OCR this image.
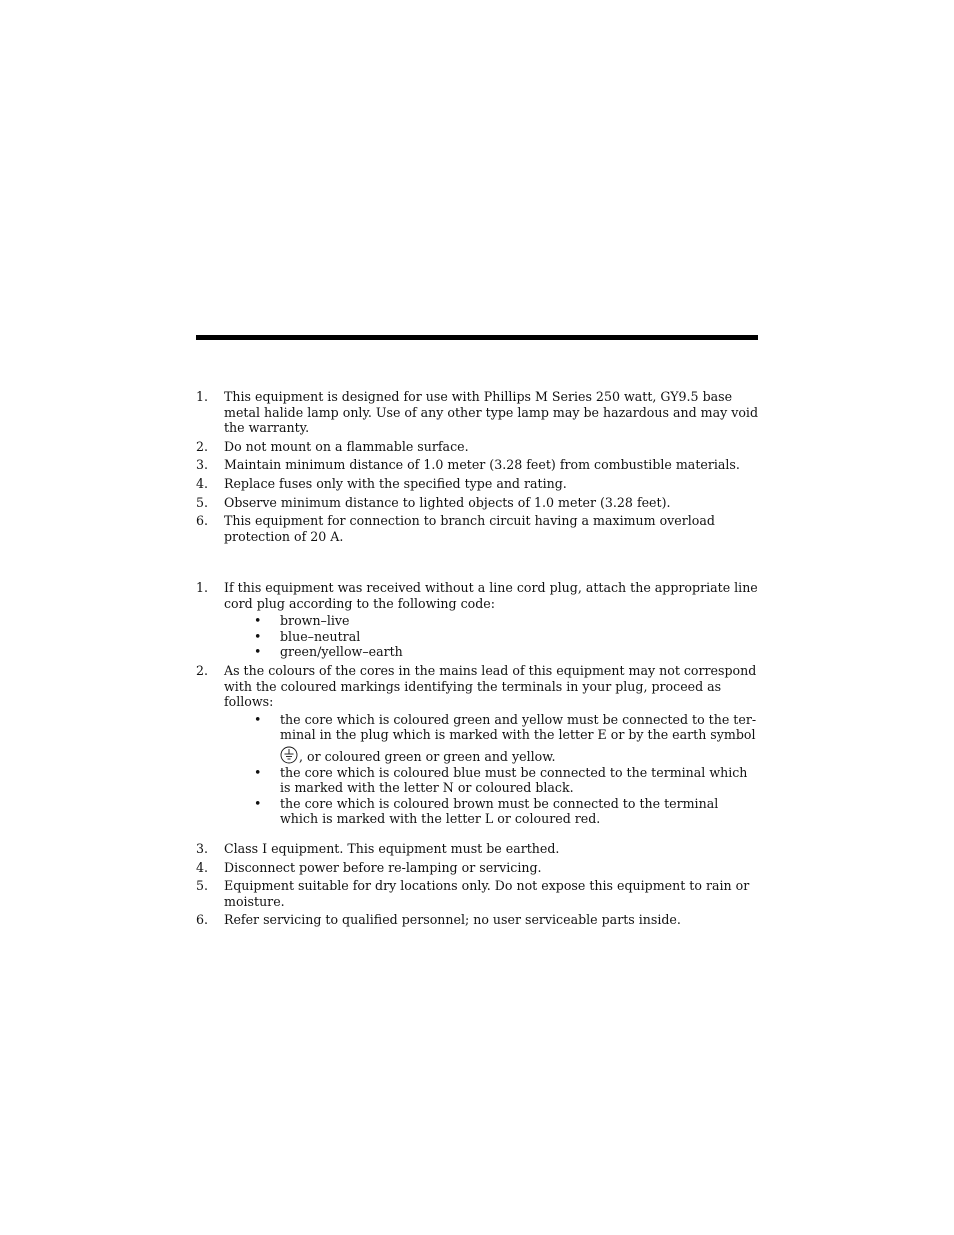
1. This equipment is designed for use with Phillips M Series 250 watt, GY9.5 base metal halide lamp only. Use of any other type lamp may be hazardous and may void the warranty.
2. Do not mount on a flammable surface.
3. Maintain minimum distance of 1.0 meter (3.28 feet) from combustible materials.
4. Replace fuses only with the specified type and rating.
5. Observe minimum distance to lighted objects of 1.0 meter (3.28 feet).
6. This equipment for connection to branch circuit having a maximum overload protection of 20 A.
1. If this equipment was received without a line cord plug, attach the appropriate line cord plug according to the following code:
• brown–live
• blue–neutral
• green/yellow–earth
2. As the colours of the cores in the mains lead of this equipment may not correspond with the coloured markings identifying the terminals in your plug, proceed as follows:
• the core which is coloured green and yellow must be connected to the ter-
minal in the plug which is marked with the letter E or by the earth symbol
, or coloured green or green and yellow.
• the core which is coloured blue must be connected to the terminal which is marked with the letter N or coloured black.
• the core which is coloured brown must be connected to the terminal which is marked with the letter L or coloured red.
3. Class I equipment. This equipment must be earthed.
4. Disconnect power before re-lamping or servicing.
5. Equipment suitable for dry locations only. Do not expose this equipment to rain or moisture.
6. Refer servicing to qualified personnel; no user serviceable parts inside.
